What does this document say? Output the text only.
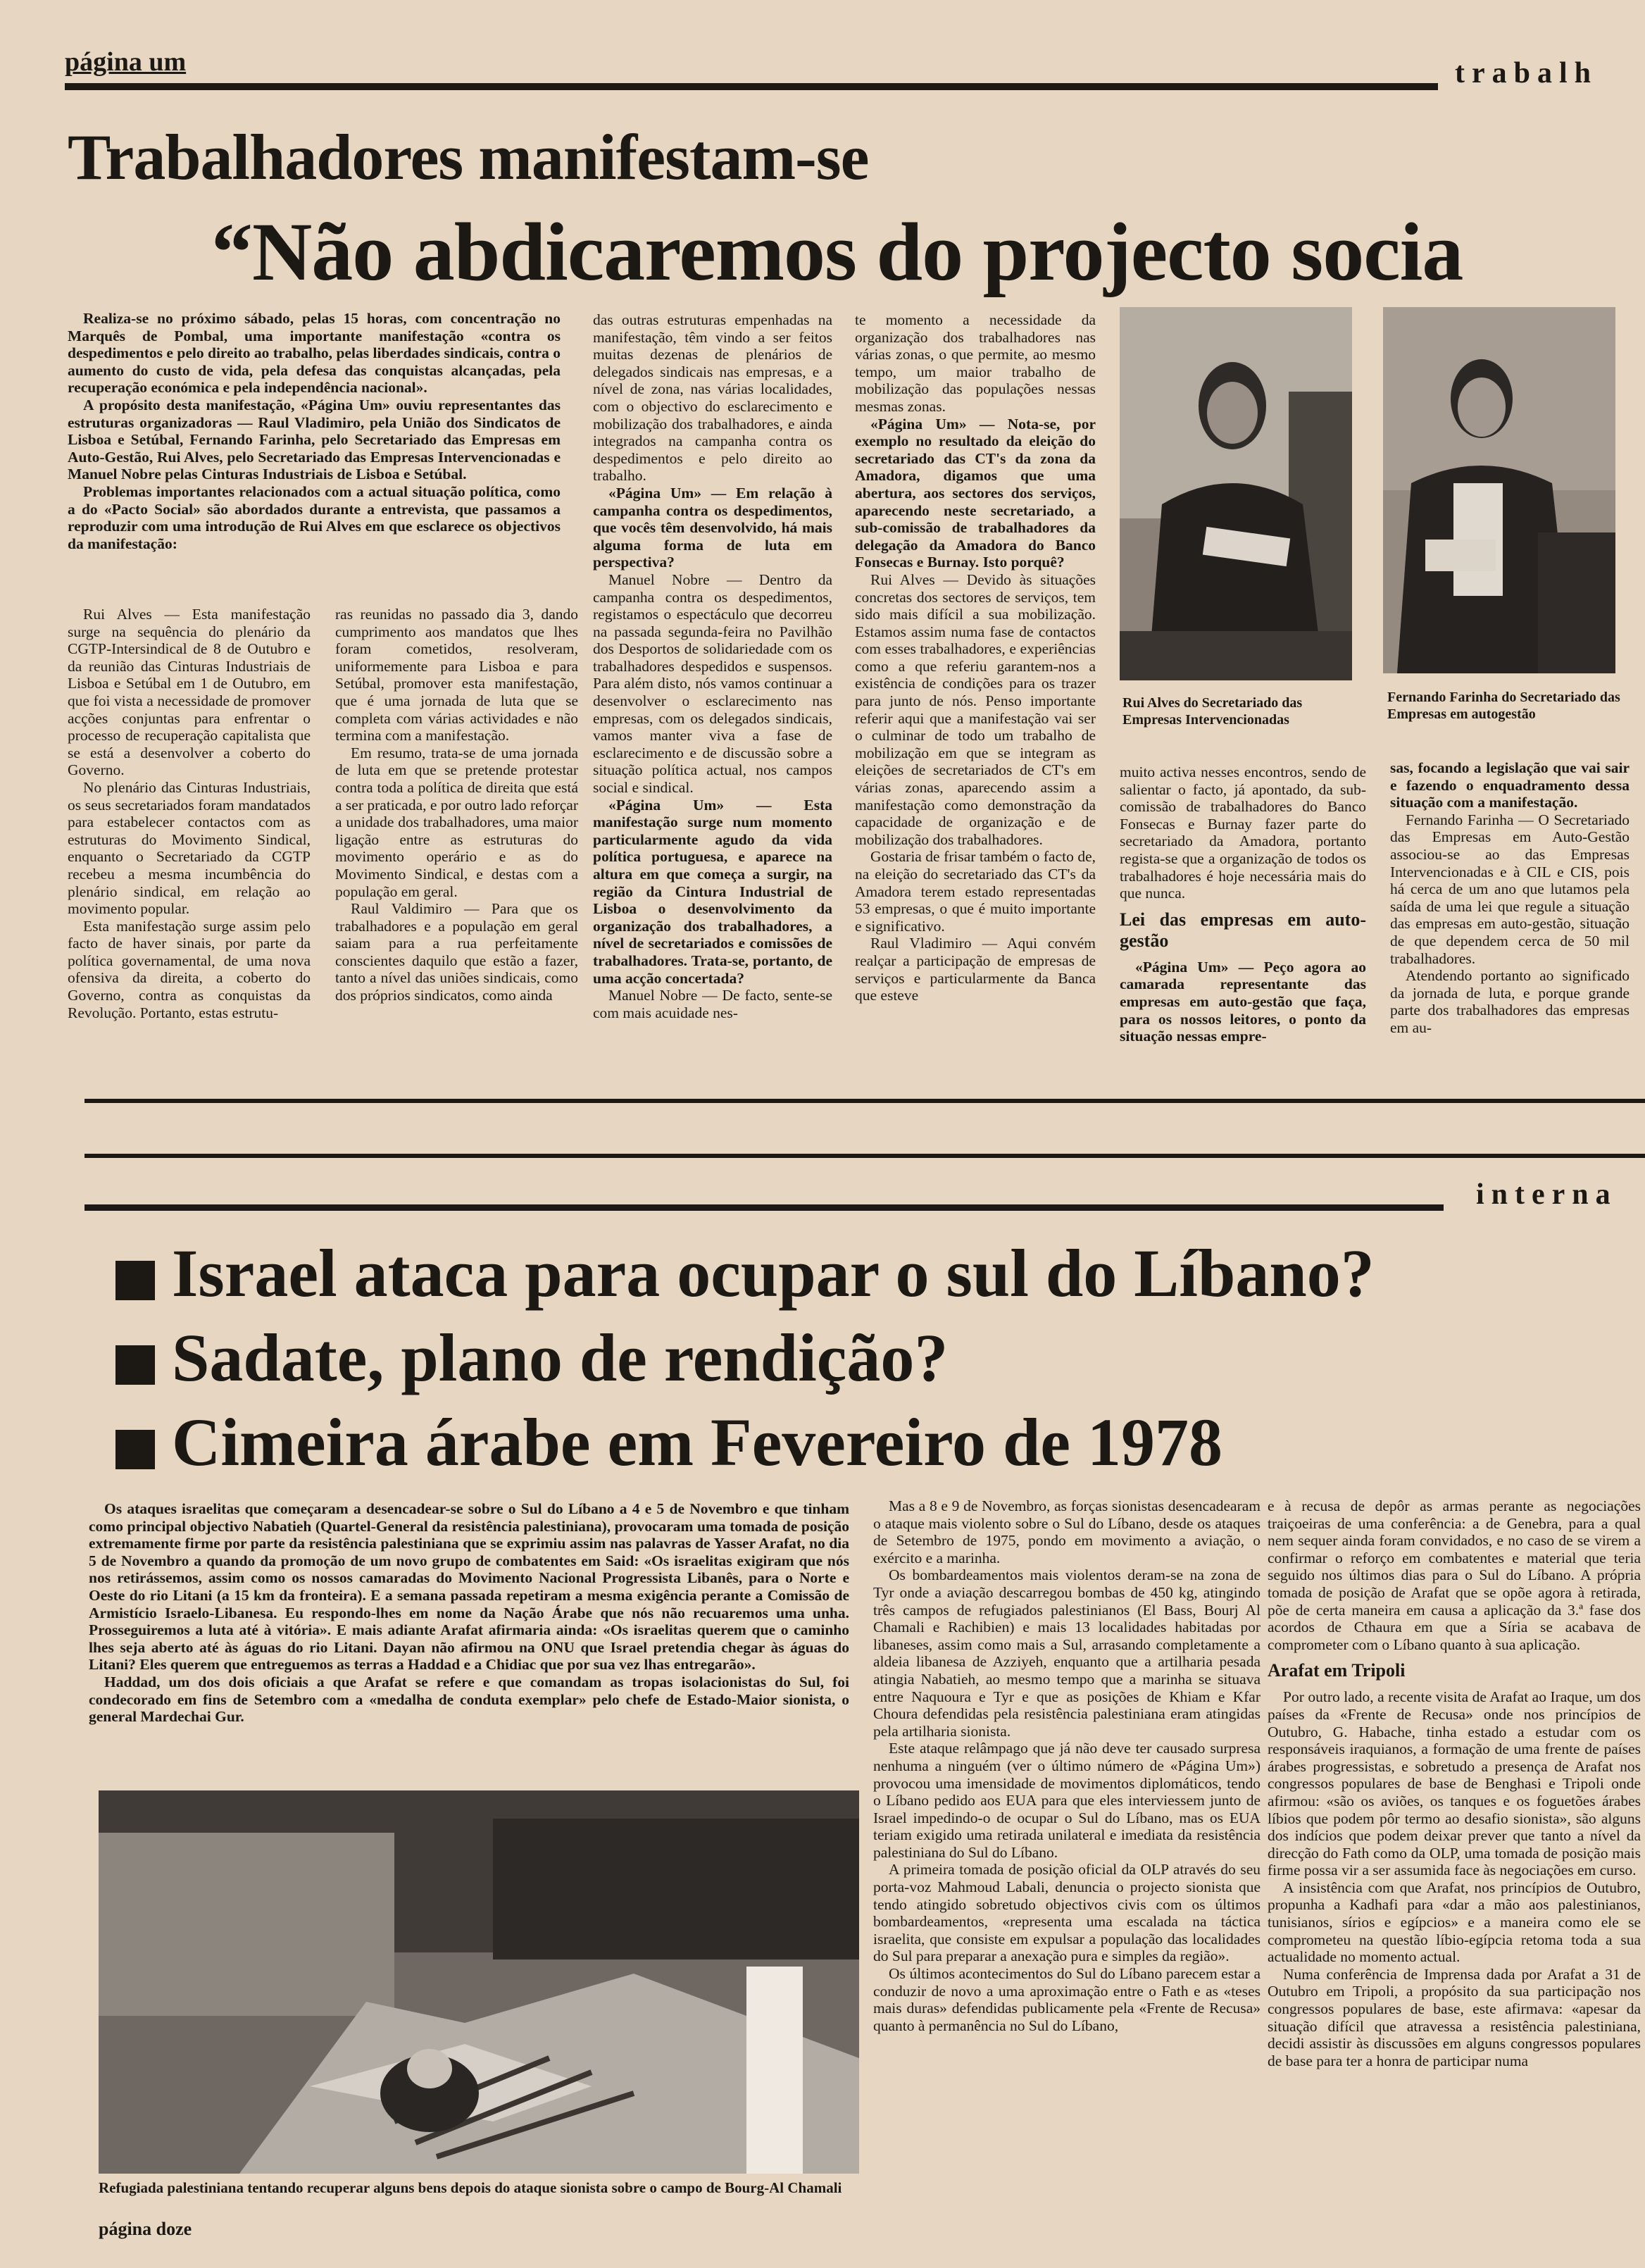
página um	trabalh
Trabalhadores manifestam-se
“Não abdicaremos do projecto socia

Realiza-se no próximo sábado, pelas 15 horas, com concentração no Marquês de Pombal, uma importante manifestação «contra os despedimentos e pelo direito ao trabalho, pelas liberdades sindicais, contra o aumento do custo de vida, pela defesa das conquistas alcançadas, pela recuperação económica e pela independência nacional».

A propósito desta manifestação, «Página Um» ouviu representantes das estruturas organizadoras — Raul Vladimiro, pela União dos Sindicatos de Lisboa e Setúbal, Fernando Farinha, pelo Secretariado das Empresas em Auto-Gestão, Rui Alves, pelo Secretariado das Empresas Intervencionadas e Manuel Nobre pelas Cinturas Industriais de Lisboa e Setúbal.

Problemas importantes relacionados com a actual situação política, como a do «Pacto Social» são abordados durante a entrevista, que passamos a reproduzir com uma introdução de Rui Alves em que esclarece os objectivos da manifestação:

Rui Alves — Esta manifestação surge na sequência do plenário da CGTP-Intersindical de 8 de Outubro e da reunião das Cinturas Industriais de Lisboa e Setúbal em 1 de Outubro, em que foi vista a necessidade de promover acções conjuntas para enfrentar o processo de recuperação capitalista que se está a desenvolver a coberto do Governo.

No plenário das Cinturas Industriais, os seus secretariados foram mandatados para estabelecer contactos com as estruturas do Movimento Sindical, enquanto o Secretariado da CGTP recebeu a mesma incumbência do plenário sindical, em relação ao movimento popular.

Esta manifestação surge assim pelo facto de haver sinais, por parte da política governamental, de uma nova ofensiva da direita, a coberto do Governo, contra as conquistas da Revolução. Portanto, estas estrutu-

ras reunidas no passado dia 3, dando cumprimento aos mandatos que lhes foram cometidos, resolveram, uniformemente para Lisboa e para Setúbal, promover esta manifestação, que é uma jornada de luta que se completa com várias actividades e não termina com a manifestação.

Em resumo, trata-se de uma jornada de luta em que se pretende protestar contra toda a política de direita que está a ser praticada, e por outro lado reforçar a unidade dos trabalhadores, uma maior ligação entre as estruturas do movimento operário e as do Movimento Sindical, e destas com a população em geral.

Raul Valdimiro — Para que os trabalhadores e a população em geral saiam para a rua perfeitamente conscientes daquilo que estão a fazer, tanto a nível das uniões sindicais, como dos próprios sindicatos, como ainda

das outras estruturas empenhadas na manifestação, têm vindo a ser feitos muitas dezenas de plenários de delegados sindicais nas empresas, e a nível de zona, nas várias localidades, com o objectivo do esclarecimento e mobilização dos trabalhadores, e ainda integrados na campanha contra os despedimentos e pelo direito ao trabalho.

«Página Um» — Em relação à campanha contra os despedimentos, que vocês têm desenvolvido, há mais alguma forma de luta em perspectiva?

Manuel Nobre — Dentro da campanha contra os despedimentos, registamos o espectáculo que decorreu na passada segunda-feira no Pavilhão dos Desportos de solidariedade com os trabalhadores despedidos e suspensos. Para além disto, nós vamos continuar a desenvolver o esclarecimento nas empresas, com os delegados sindicais, vamos manter viva a fase de esclarecimento e de discussão sobre a situação política actual, nos campos social e sindical.

«Página Um» — Esta manifestação surge num momento particularmente agudo da vida política portuguesa, e aparece na altura em que começa a surgir, na região da Cintura Industrial de Lisboa o desenvolvimento da organização dos trabalhadores, a nível de secretariados e comissões de trabalhadores. Trata-se, portanto, de uma acção concertada?

Manuel Nobre — De facto, sente-se com mais acuidade nes-

te momento a necessidade da organização dos trabalhadores nas várias zonas, o que permite, ao mesmo tempo, um maior trabalho de mobilização das populações nessas mesmas zonas.

«Página Um» — Nota-se, por exemplo no resultado da eleição do secretariado das CT's da zona da Amadora, digamos que uma abertura, aos sectores dos serviços, aparecendo neste secretariado, a sub-comissão de trabalhadores da delegação da Amadora do Banco Fonsecas e Burnay. Isto porquê?

Rui Alves — Devido às situações concretas dos sectores de serviços, tem sido mais difícil a sua mobilização. Estamos assim numa fase de contactos com esses trabalhadores, e experiências como a que referiu garantem-nos a existência de condições para os trazer para junto de nós. Penso importante referir aqui que a manifestação vai ser o culminar de todo um trabalho de mobilização em que se integram as eleições de secretariados de CT's em várias zonas, aparecendo assim a manifestação como demonstração da capacidade de organização e de mobilização dos trabalhadores.

Gostaria de frisar também o facto de, na eleição do secretariado das CT's da Amadora terem estado representadas 53 empresas, o que é muito importante e significativo.

Raul Vladimiro — Aqui convém realçar a participação de empresas de serviços e particularmente da Banca que esteve

Rui Alves do Secretariado das Empresas Intervencionadas
Fernando Farinha do Secretariado das Empresas em autogestão

muito activa nesses encontros, sendo de salientar o facto, já apontado, da sub-comissão de trabalhadores do Banco Fonsecas e Burnay fazer parte do secretariado da Amadora, portanto regista-se que a organização de todos os trabalhadores é hoje necessária mais do que nunca.

Lei das empresas em auto-gestão

«Página Um» — Peço agora ao camarada representante das empresas em auto-gestão que faça, para os nossos leitores, o ponto da situação nessas empre-

sas, focando a legislação que vai sair e fazendo o enquadramento dessa situação com a manifestação.

Fernando Farinha — O Secretariado das Empresas em Auto-Gestão associou-se ao das Empresas Intervencionadas e à CIL e CIS, pois há cerca de um ano que lutamos pela saída de uma lei que regule a situação das empresas em auto-gestão, situação de que dependem cerca de 50 mil trabalhadores.

Atendendo portanto ao significado da jornada de luta, e porque grande parte dos trabalhadores das empresas em au-

interna
Israel ataca para ocupar o sul do Líbano?
Sadate, plano de rendição?
Cimeira árabe em Fevereiro de 1978

Os ataques israelitas que começaram a desencadear-se sobre o Sul do Líbano a 4 e 5 de Novembro e que tinham como principal objectivo Nabatieh (Quartel-General da resistência palestiniana), provocaram uma tomada de posição extremamente firme por parte da resistência palestiniana que se exprimiu assim nas palavras de Yasser Arafat, no dia 5 de Novembro a quando da promoção de um novo grupo de combatentes em Said: «Os israelitas exigiram que nós nos retirássemos, assim como os nossos camaradas do Movimento Nacional Progressista Libanês, para o Norte e Oeste do rio Litani (a 15 km da fronteira). E a semana passada repetiram a mesma exigência perante a Comissão de Armistício Israelo-Libanesa. Eu respondo-lhes em nome da Nação Árabe que nós não recuaremos uma unha. Prosseguiremos a luta até à vitória». E mais adiante Arafat afirmaria ainda: «Os israelitas querem que o caminho lhes seja aberto até às águas do rio Litani. Dayan não afirmou na ONU que Israel pretendia chegar às águas do Litani? Eles querem que entreguemos as terras a Haddad e a Chidiac que por sua vez lhas entregarão».

Haddad, um dos dois oficiais a que Arafat se refere e que comandam as tropas isolacionistas do Sul, foi condecorado em fins de Setembro com a «medalha de conduta exemplar» pelo chefe de Estado-Maior sionista, o general Mardechai Gur.

Refugiada palestiniana tentando recuperar alguns bens depois do ataque sionista sobre o campo de Bourg-Al Chamali
página doze

Mas a 8 e 9 de Novembro, as forças sionistas desencadearam o ataque mais violento sobre o Sul do Líbano, desde os ataques de Setembro de 1975, pondo em movimento a aviação, o exército e a marinha.

Os bombardeamentos mais violentos deram-se na zona de Tyr onde a aviação descarregou bombas de 450 kg, atingindo três campos de refugiados palestinianos (El Bass, Bourj Al Chamali e Rachibien) e mais 13 localidades habitadas por libaneses, assim como mais a Sul, arrasando completamente a aldeia libanesa de Azziyeh, enquanto que a artilharia pesada atingia Nabatieh, ao mesmo tempo que a marinha se situava entre Naquoura e Tyr e que as posições de Khiam e Kfar Choura defendidas pela resistência palestiniana eram atingidas pela artilharia sionista.

Este ataque relâmpago que já não deve ter causado surpresa nenhuma a ninguém (ver o último número de «Página Um») provocou uma imensidade de movimentos diplomáticos, tendo o Líbano pedido aos EUA para que eles interviessem junto de Israel impedindo-o de ocupar o Sul do Líbano, mas os EUA teriam exigido uma retirada unilateral e imediata da resistência palestiniana do Sul do Líbano.

A primeira tomada de posição oficial da OLP através do seu porta-voz Mahmoud Labali, denuncia o projecto sionista que tendo atingido sobretudo objectivos civis com os últimos bombardeamentos, «representa uma escalada na táctica israelita, que consiste em expulsar a população das localidades do Sul para preparar a anexação pura e simples da região».

Os últimos acontecimentos do Sul do Líbano parecem estar a conduzir de novo a uma aproximação entre o Fath e as «teses mais duras» defendidas publicamente pela «Frente de Recusa» quanto à permanência no Sul do Líbano,

e à recusa de depôr as armas perante as negociações traiçoeiras de uma conferência: a de Genebra, para a qual nem sequer ainda foram convidados, e no caso de se virem a confirmar o reforço em combatentes e material que teria seguido nos últimos dias para o Sul do Líbano. A própria tomada de posição de Arafat que se opõe agora à retirada, põe de certa maneira em causa a aplicação da 3.ª fase dos acordos de Cthaura em que a Síria se acabava de comprometer com o Líbano quanto à sua aplicação.

Arafat em Tripoli

Por outro lado, a recente visita de Arafat ao Iraque, um dos países da «Frente de Recusa» onde nos princípios de Outubro, G. Habache, tinha estado a estudar com os responsáveis iraquianos, a formação de uma frente de países árabes progressistas, e sobretudo a presença de Arafat nos congressos populares de base de Benghasi e Tripoli onde afirmou: «são os aviões, os tanques e os foguetões árabes líbios que podem pôr termo ao desafio sionista», são alguns dos indícios que podem deixar prever que tanto a nível da direcção do Fath como da OLP, uma tomada de posição mais firme possa vir a ser assumida face às negociações em curso.

A insistência com que Arafat, nos princípios de Outubro, propunha a Kadhafi para «dar a mão aos palestinianos, tunisianos, sírios e egípcios» e a maneira como ele se comprometeu na questão líbio-egípcia retoma toda a sua actualidade no momento actual.

Numa conferência de Imprensa dada por Arafat a 31 de Outubro em Tripoli, a propósito da sua participação nos congressos populares de base, este afirmava: «apesar da situação difícil que atravessa a resistência palestiniana, decidi assistir às discussões em alguns congressos populares de base para ter a honra de participar numa
